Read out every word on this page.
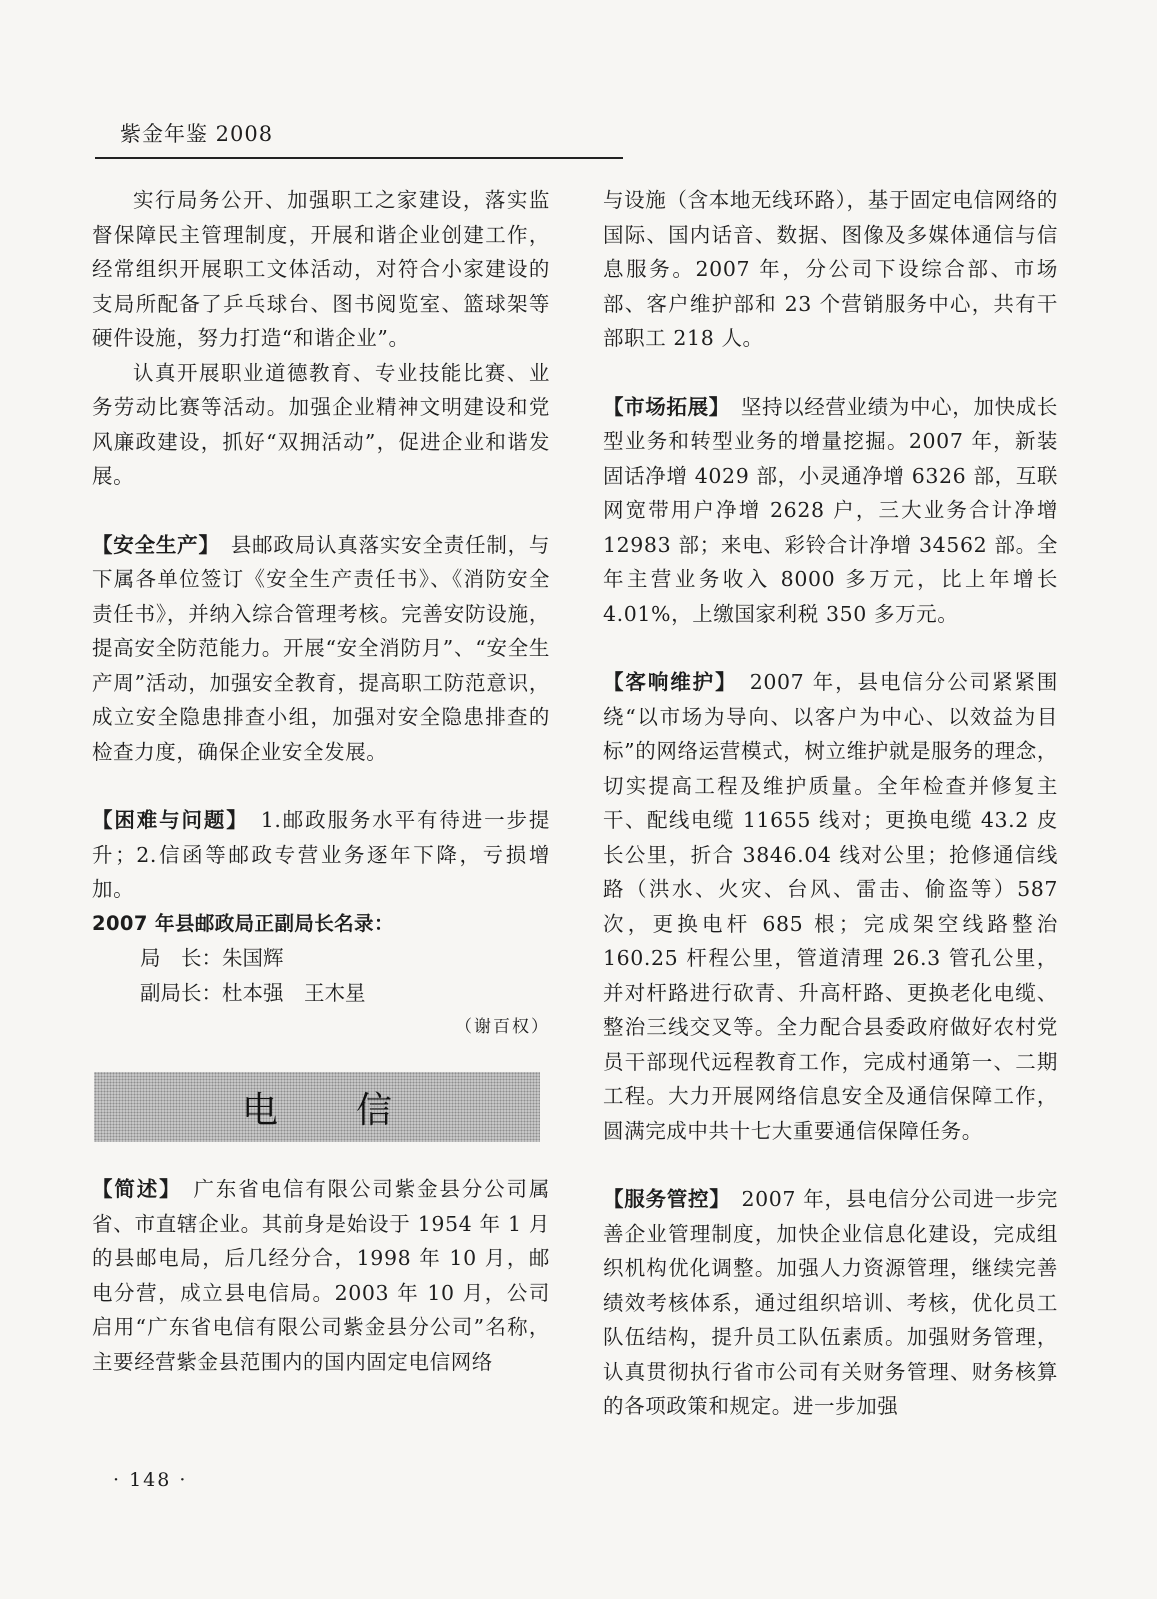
紫金年鉴 2008

实行局务公开、加强职工之家建设，落实监督保障民主管理制度，开展和谐企业创建工作，经常组织开展职工文体活动，对符合小家建设的支局所配备了乒乓球台、图书阅览室、篮球架等硬件设施，努力打造“和谐企业”。

认真开展职业道德教育、专业技能比赛、业务劳动比赛等活动。加强企业精神文明建设和党风廉政建设，抓好“双拥活动”，促进企业和谐发展。

【安全生产】　 县邮政局认真落实安全责任制，与下属各单位签订《安全生产责任书》、《消防安全责任书》，并纳入综合管理考核。完善安防设施，提高安全防范能力。开展“安全消防月”、“安全生产周”活动，加强安全教育，提高职工防范意识，成立安全隐患排查小组，加强对安全隐患排查的检查力度，确保企业安全发展。

【困难与问题】　 1.邮政服务水平有待进一步提升；2.信函等邮政专营业务逐年下降，亏损增加。

2007 年县邮政局正副局长名录：
局　长：朱国辉
副局长：杜本强　王木星
（谢百权）
电信

【简述】　 广东省电信有限公司紫金县分公司属省、市直辖企业。其前身是始设于 1954 年 1 月的县邮电局，后几经分合，1998 年 10 月，邮电分营，成立县电信局。2003 年 10 月，公司启用“广东省电信有限公司紫金县分公司”名称，主要经营紫金县范围内的国内固定电信网络

与设施（含本地无线环路），基于固定电信网络的国际、国内话音、数据、图像及多媒体通信与信息服务。2007 年，分公司下设综合部、市场部、客户维护部和 23 个营销服务中心，共有干部职工 218 人。

【市场拓展】　 坚持以经营业绩为中心，加快成长型业务和转型业务的增量挖掘。2007 年，新装固话净增 4029 部，小灵通净增 6326 部，互联网宽带用户净增 2628 户，三大业务合计净增 12983 部；来电、彩铃合计净增 34562 部。全年主营业务收入 8000 多万元，比上年增长 4.01%，上缴国家利税 350 多万元。

【客响维护】　 2007 年，县电信分公司紧紧围绕“以市场为导向、以客户为中心、以效益为目标”的网络运营模式，树立维护就是服务的理念，切实提高工程及维护质量。全年检查并修复主干、配线电缆 11655 线对；更换电缆 43.2 皮长公里，折合 3846.04 线对公里；抢修通信线路（洪水、火灾、台风、雷击、偷盗等）587 次，更换电杆 685 根；完成架空线路整治 160.25 杆程公里，管道清理 26.3 管孔公里，并对杆路进行砍青、升高杆路、更换老化电缆、整治三线交叉等。全力配合县委政府做好农村党员干部现代远程教育工作，完成村通第一、二期工程。大力开展网络信息安全及通信保障工作，圆满完成中共十七大重要通信保障任务。

【服务管控】　 2007 年，县电信分公司进一步完善企业管理制度，加快企业信息化建设，完成组织机构优化调整。加强人力资源管理，继续完善绩效考核体系，通过组织培训、考核，优化员工队伍结构，提升员工队伍素质。加强财务管理，认真贯彻执行省市公司有关财务管理、财务核算的各项政策和规定。进一步加强

· 148 ·
